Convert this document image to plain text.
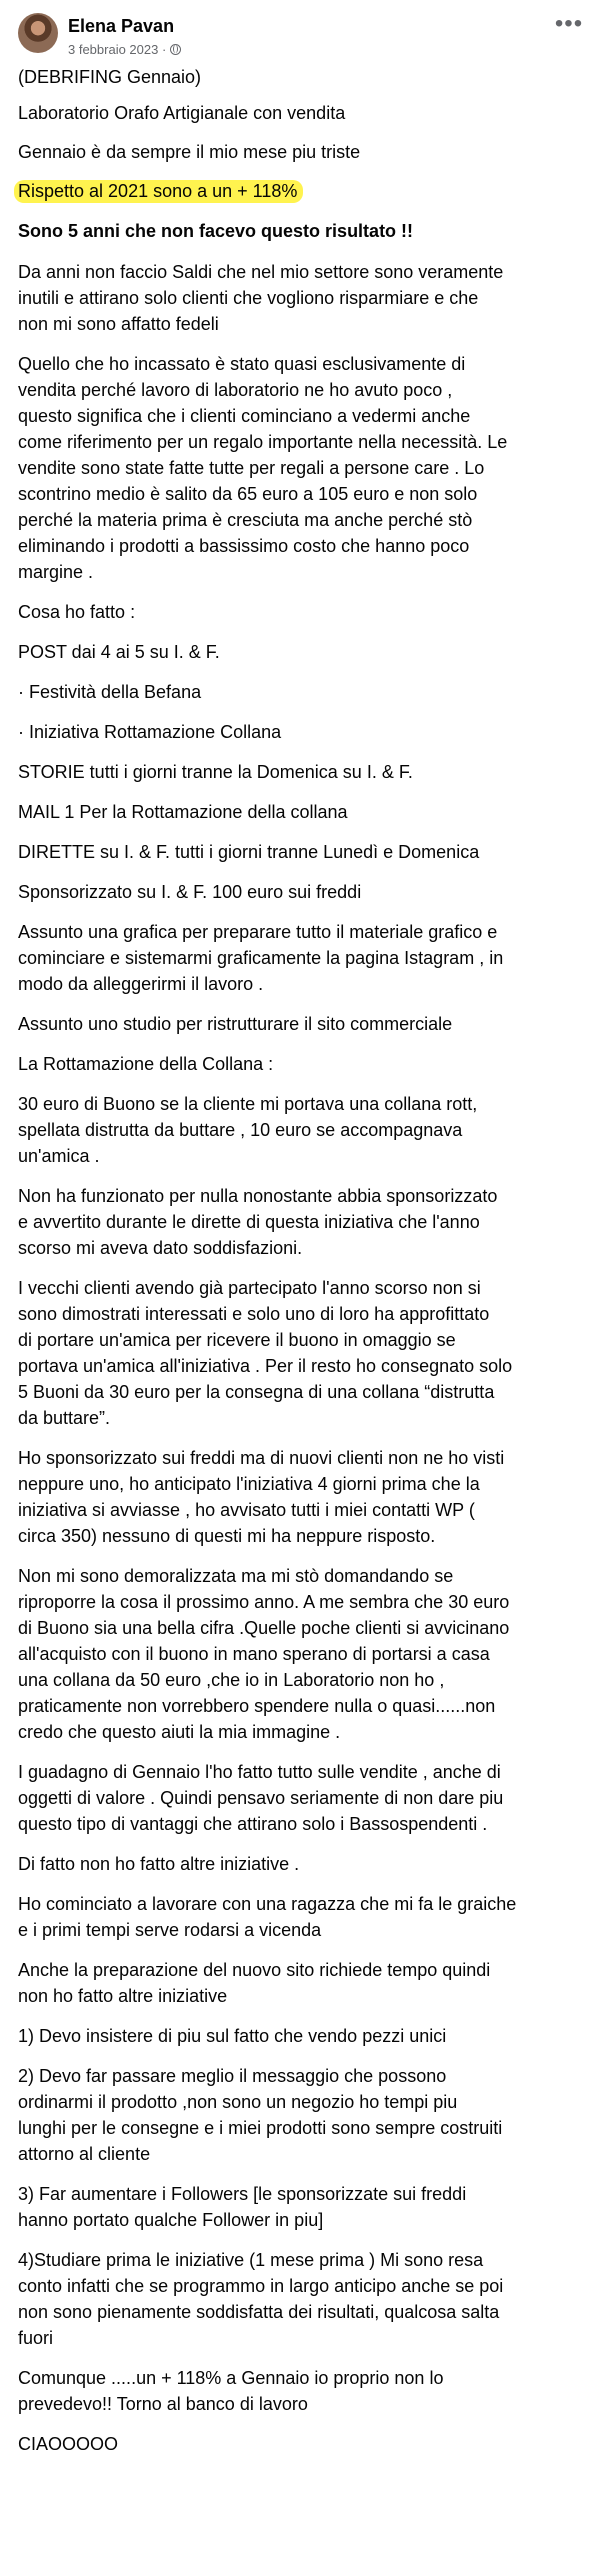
Elena Pavan
3 febbraio 2023 ·
•••

(DEBRIFING Gennaio)

Laboratorio Orafo Artigianale con vendita

Gennaio è da sempre il mio mese piu triste

Rispetto al 2021 sono a un + 118%

Sono 5 anni che non facevo questo risultato !!

Da anni non faccio Saldi che nel mio settore sono veramente
inutili e attirano solo clienti che vogliono risparmiare e che
non mi sono affatto fedeli

Quello che ho incassato è stato quasi esclusivamente di
vendita perché lavoro di laboratorio ne ho avuto poco ,
questo significa che i clienti cominciano a vedermi anche
come riferimento per un regalo importante nella necessità. Le
vendite sono state fatte tutte per regali a persone care . Lo
scontrino medio è salito da 65 euro a 105 euro e non solo
perché la materia prima è cresciuta ma anche perché stò
eliminando i prodotti a bassissimo costo che hanno poco
margine .

Cosa ho fatto :

POST dai 4 ai 5 su I. & F.

· Festività della Befana

· Iniziativa Rottamazione Collana

STORIE tutti i giorni tranne la Domenica su I. & F.

MAIL 1 Per la Rottamazione della collana

DIRETTE su I. & F. tutti i giorni tranne Lunedì e Domenica

Sponsorizzato su I. & F. 100 euro sui freddi

Assunto una grafica per preparare tutto il materiale grafico e
cominciare e sistemarmi graficamente la pagina Istagram , in
modo da alleggerirmi il lavoro .

Assunto uno studio per ristrutturare il sito commerciale

La Rottamazione della Collana :

30 euro di Buono se la cliente mi portava una collana rott,
spellata distrutta da buttare , 10 euro se accompagnava
un'amica .

Non ha funzionato per nulla nonostante abbia sponsorizzato
e avvertito durante le dirette di questa iniziativa che l'anno
scorso mi aveva dato soddisfazioni.

I vecchi clienti avendo già partecipato l'anno scorso non si
sono dimostrati interessati e solo uno di loro ha approfittato
di portare un'amica per ricevere il buono in omaggio se
portava un'amica all'iniziativa . Per il resto ho consegnato solo
5 Buoni da 30 euro per la consegna di una collana “distrutta
da buttare”.

Ho sponsorizzato sui freddi ma di nuovi clienti non ne ho visti
neppure uno, ho anticipato l'iniziativa 4 giorni prima che la
iniziativa si avviasse , ho avvisato tutti i miei contatti WP (
circa 350) nessuno di questi mi ha neppure risposto.

Non mi sono demoralizzata ma mi stò domandando se
riproporre la cosa il prossimo anno. A me sembra che 30 euro
di Buono sia una bella cifra .Quelle poche clienti si avvicinano
all'acquisto con il buono in mano sperano di portarsi a casa
una collana da 50 euro ,che io in Laboratorio non ho ,
praticamente non vorrebbero spendere nulla o quasi......non
credo che questo aiuti la mia immagine .

I guadagno di Gennaio l'ho fatto tutto sulle vendite , anche di
oggetti di valore . Quindi pensavo seriamente di non dare piu
questo tipo di vantaggi che attirano solo i Bassospendenti .

Di fatto non ho fatto altre iniziative .

Ho cominciato a lavorare con una ragazza che mi fa le graiche
e i primi tempi serve rodarsi a vicenda

Anche la preparazione del nuovo sito richiede tempo quindi
non ho fatto altre iniziative

1) Devo insistere di piu sul fatto che vendo pezzi unici

2) Devo far passare meglio il messaggio che possono
ordinarmi il prodotto ,non sono un negozio ho tempi piu
lunghi per le consegne e i miei prodotti sono sempre costruiti
attorno al cliente

3) Far aumentare i Followers [le sponsorizzate sui freddi
hanno portato qualche Follower in piu]

4)Studiare prima le iniziative (1 mese prima ) Mi sono resa
conto infatti che se programmo in largo anticipo anche se poi
non sono pienamente soddisfatta dei risultati, qualcosa salta
fuori

Comunque .....un + 118% a Gennaio io proprio non lo
prevedevo!! Torno al banco di lavoro

CIAOOOOO
